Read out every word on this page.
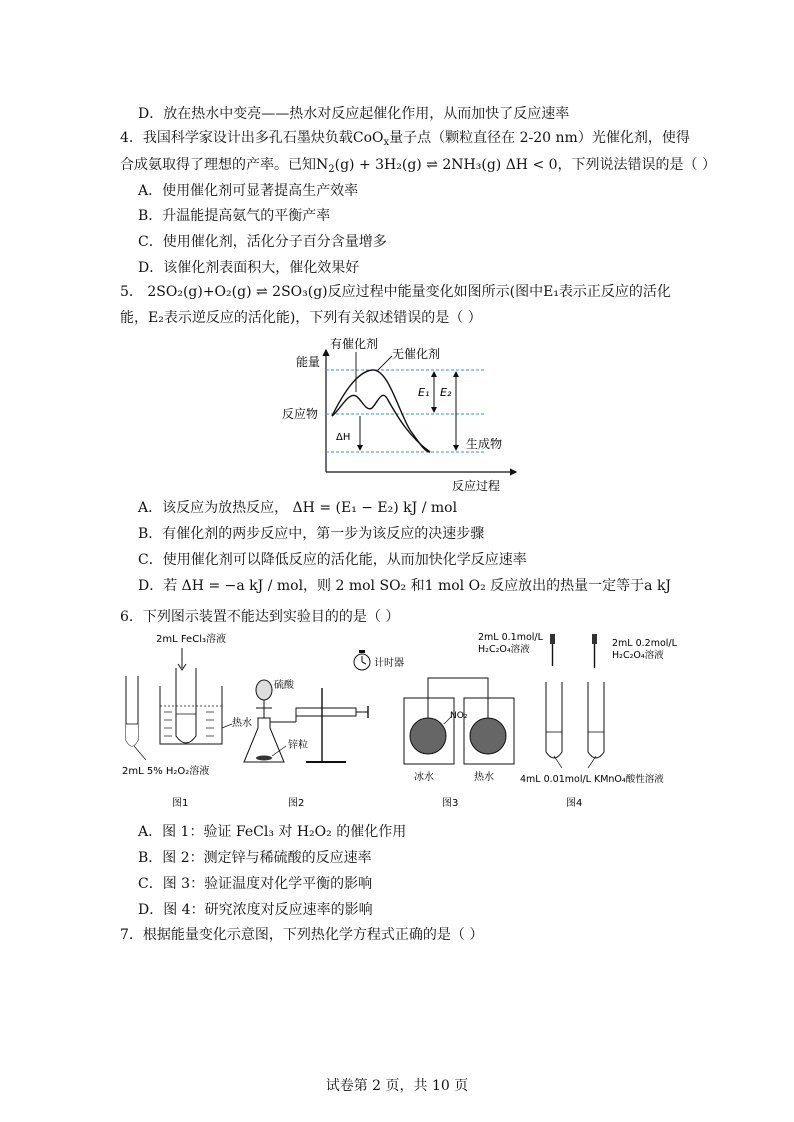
D．放在热水中变亮——热水对反应起催化作用，从而加快了反应速率
4．我国科学家设计出多孔石墨炔负载CoO$_x$量子点（颗粒直径在 2-20 nm）光催化剂，使得
合成氨取得了理想的产率。已知$N_2(g) + 3H_2(g)$ ⇌ 2NH₃(g) ΔH < 0，下列说法错误的是（ ）
A．使用催化剂可显著提高生产效率
B．升温能提高氨气的平衡产率
C．使用催化剂，活化分子百分含量增多
D．该催化剂表面积大，催化效果好
5． 2SO₂(g)+O₂(g) ⇌ 2SO₃(g)反应过程中能量变化如图所示(图中E₁表示正反应的活化
能，E₂表示逆反应的活化能)，下列有关叙述错误的是（ ）
能量
反应过程
有催化剂
无催化剂
反应物
生成物
E₁ E₂
ΔH
A．该反应为放热反应， ΔH = (E₁ − E₂) kJ / mol
B．有催化剂的两步反应中，第一步为该反应的决速步骤
C．使用催化剂可以降低反应的活化能，从而加快化学反应速率
D．若 ΔH = −a kJ / mol，则 2 mol SO₂ 和1 mol O₂ 反应放出的热量一定等于a kJ
6．下列图示装置不能达到实验目的的是（ ）
2mL FeCl₃溶液
热水
2mL 5% H₂O₂溶液
图1
计时器
硫酸
锌粒
图2
NO₂
冰水	热水
图3
2mL 0.1mol/L
H₂C₂O₄溶液
2mL 0.2mol/L
H₂C₂O₄溶液
4mL 0.01mol/L KMnO₄酸性溶液
图4
A．图 1：验证 FeCl₃ 对 H₂O₂ 的催化作用
B．图 2：测定锌与稀硫酸的反应速率
C．图 3：验证温度对化学平衡的影响
D．图 4：研究浓度对反应速率的影响
7．根据能量变化示意图，下列热化学方程式正确的是（ ）
试卷第 2 页，共 10 页
